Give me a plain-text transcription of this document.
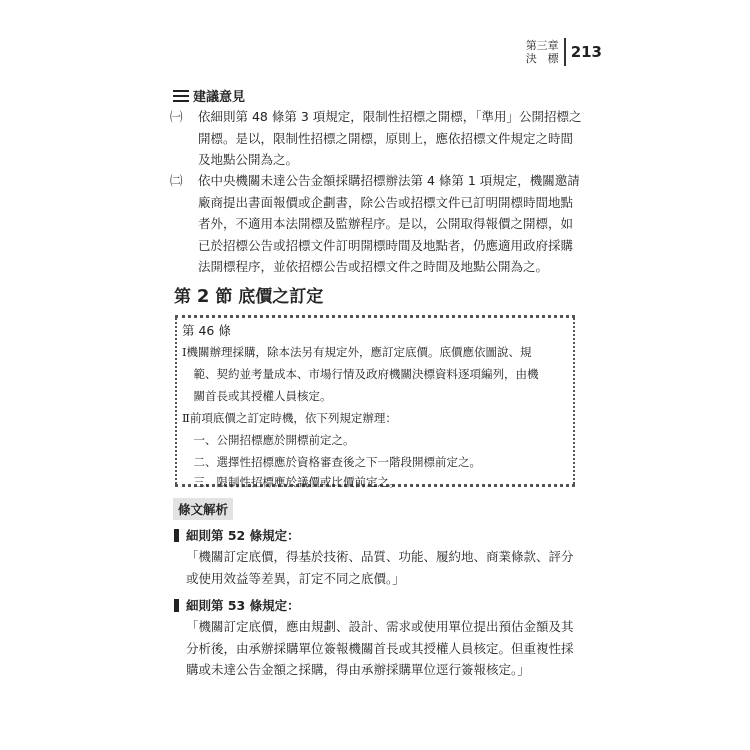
第三章
決　標 213
建議意見
㈠ 依細則第 48 條第 3 項規定，限制性招標之開標，「準用」公開招標之
開標。是以，限制性招標之開標，原則上，應依招標文件規定之時間
及地點公開為之。
㈡ 依中央機關未達公告金額採購招標辦法第 4 條第 1 項規定，機關邀請
廠商提出書面報價或企劃書，除公告或招標文件已訂明開標時間地點
者外，不適用本法開標及監辦程序。是以，公開取得報價之開標，如
已於招標公告或招標文件訂明開標時間及地點者，仍應適用政府採購
法開標程序，並依招標公告或招標文件之時間及地點公開為之。
第 2 節 底價之訂定
第 46 條
Ⅰ機關辦理採購，除本法另有規定外，應訂定底價。底價應依圖說、規
　範、契約並考量成本、市場行情及政府機關決標資料逐項編列，由機
　關首長或其授權人員核定。
Ⅱ前項底價之訂定時機，依下列規定辦理：
　一、公開招標應於開標前定之。
　二、選擇性招標應於資格審查後之下一階段開標前定之。
　三、限制性招標應於議價或比價前定之。
條文解析
細則第 52 條規定：
「機關訂定底價，得基於技術、品質、功能、履約地、商業條款、評分
或使用效益等差異，訂定不同之底價。」
細則第 53 條規定：
「機關訂定底價，應由規劃、設計、需求或使用單位提出預估金額及其
分析後，由承辦採購單位簽報機關首長或其授權人員核定。但重複性採
購或未達公告金額之採購，得由承辦採購單位逕行簽報核定。」
